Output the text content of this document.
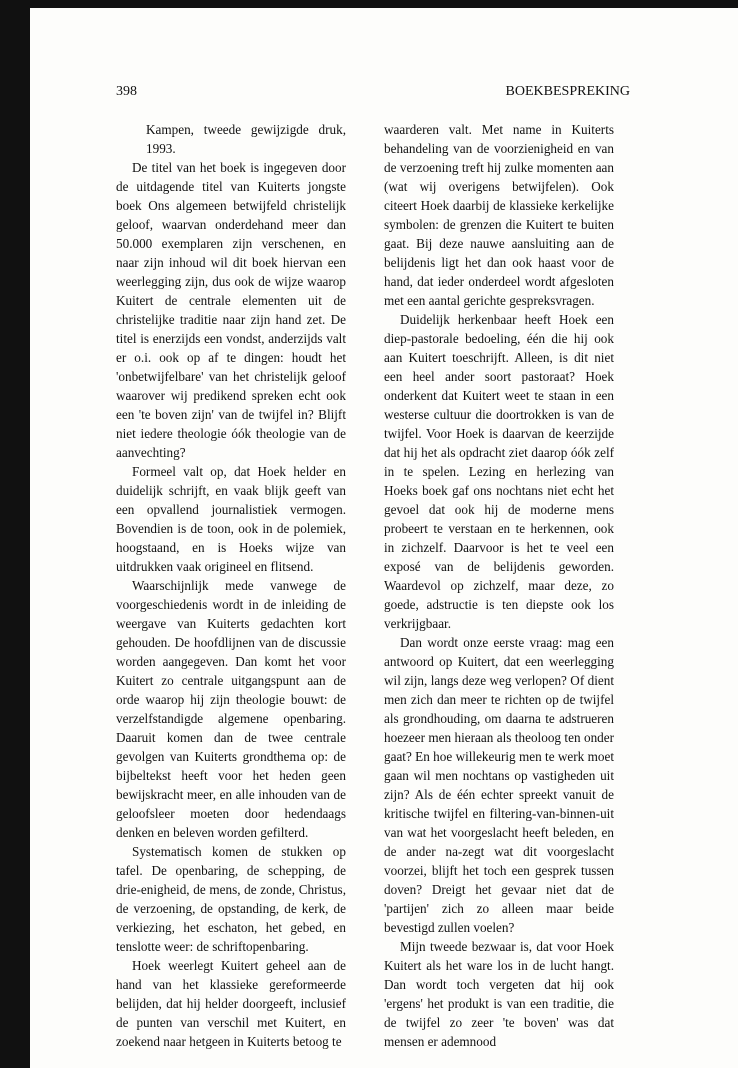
398	BOEKBESPREKING

Kampen, tweede gewijzigde druk, 1993.

De titel van het boek is ingegeven door de uitdagende titel van Kuiterts jongste boek Ons algemeen betwijfeld christelijk geloof, waarvan onderdehand meer dan 50.000 exemplaren zijn verschenen, en naar zijn inhoud wil dit boek hiervan een weerlegging zijn, dus ook de wijze waarop Kuitert de centrale elementen uit de christelijke traditie naar zijn hand zet. De titel is enerzijds een vondst, anderzijds valt er o.i. ook op af te dingen: houdt het 'onbetwijfelbare' van het christelijk geloof waarover wij predikend spreken echt ook een 'te boven zijn' van de twijfel in? Blijft niet iedere theologie óók theologie van de aanvechting?

Formeel valt op, dat Hoek helder en duidelijk schrijft, en vaak blijk geeft van een opvallend journalistiek vermogen. Bovendien is de toon, ook in de polemiek, hoogstaand, en is Hoeks wijze van uitdrukken vaak origineel en flitsend.

Waarschijnlijk mede vanwege de voorgeschiedenis wordt in de inleiding de weergave van Kuiterts gedachten kort gehouden. De hoofdlijnen van de discussie worden aangegeven. Dan komt het voor Kuitert zo centrale uitgangspunt aan de orde waarop hij zijn theologie bouwt: de verzelfstandigde algemene openbaring. Daaruit komen dan de twee centrale gevolgen van Kuiterts grondthema op: de bijbeltekst heeft voor het heden geen bewijskracht meer, en alle inhouden van de geloofsleer moeten door hedendaags denken en beleven worden gefilterd.

Systematisch komen de stukken op tafel. De openbaring, de schepping, de drie-enigheid, de mens, de zonde, Christus, de verzoening, de opstanding, de kerk, de verkiezing, het eschaton, het gebed, en tenslotte weer: de schriftopenbaring.

Hoek weerlegt Kuitert geheel aan de hand van het klassieke gereformeerde belijden, dat hij helder doorgeeft, inclusief de punten van verschil met Kuitert, en zoekend naar hetgeen in Kuiterts betoog te

waarderen valt. Met name in Kuiterts behandeling van de voorzienigheid en van de verzoening treft hij zulke momenten aan (wat wij overigens betwijfelen). Ook citeert Hoek daarbij de klassieke kerkelijke symbolen: de grenzen die Kuitert te buiten gaat. Bij deze nauwe aansluiting aan de belijdenis ligt het dan ook haast voor de hand, dat ieder onderdeel wordt afgesloten met een aantal gerichte gespreksvragen.

Duidelijk herkenbaar heeft Hoek een diep-pastorale bedoeling, één die hij ook aan Kuitert toeschrijft. Alleen, is dit niet een heel ander soort pastoraat? Hoek onderkent dat Kuitert weet te staan in een westerse cultuur die doortrokken is van de twijfel. Voor Hoek is daarvan de keerzijde dat hij het als opdracht ziet daarop óók zelf in te spelen. Lezing en herlezing van Hoeks boek gaf ons nochtans niet echt het gevoel dat ook hij de moderne mens probeert te verstaan en te herkennen, ook in zichzelf. Daarvoor is het te veel een exposé van de belijdenis geworden. Waardevol op zichzelf, maar deze, zo goede, adstructie is ten diepste ook los verkrijgbaar.

Dan wordt onze eerste vraag: mag een antwoord op Kuitert, dat een weerlegging wil zijn, langs deze weg verlopen? Of dient men zich dan meer te richten op de twijfel als grondhouding, om daarna te adstrueren hoezeer men hieraan als theoloog ten onder gaat? En hoe willekeurig men te werk moet gaan wil men nochtans op vastigheden uit zijn? Als de één echter spreekt vanuit de kritische twijfel en filtering-van-binnen-uit van wat het voorgeslacht heeft beleden, en de ander na-zegt wat dit voorgeslacht voorzei, blijft het toch een gesprek tussen doven? Dreigt het gevaar niet dat de 'partijen' zich zo alleen maar beide bevestigd zullen voelen?

Mijn tweede bezwaar is, dat voor Hoek Kuitert als het ware los in de lucht hangt. Dan wordt toch vergeten dat hij ook 'ergens' het produkt is van een traditie, die de twijfel zo zeer 'te boven' was dat mensen er ademnood
